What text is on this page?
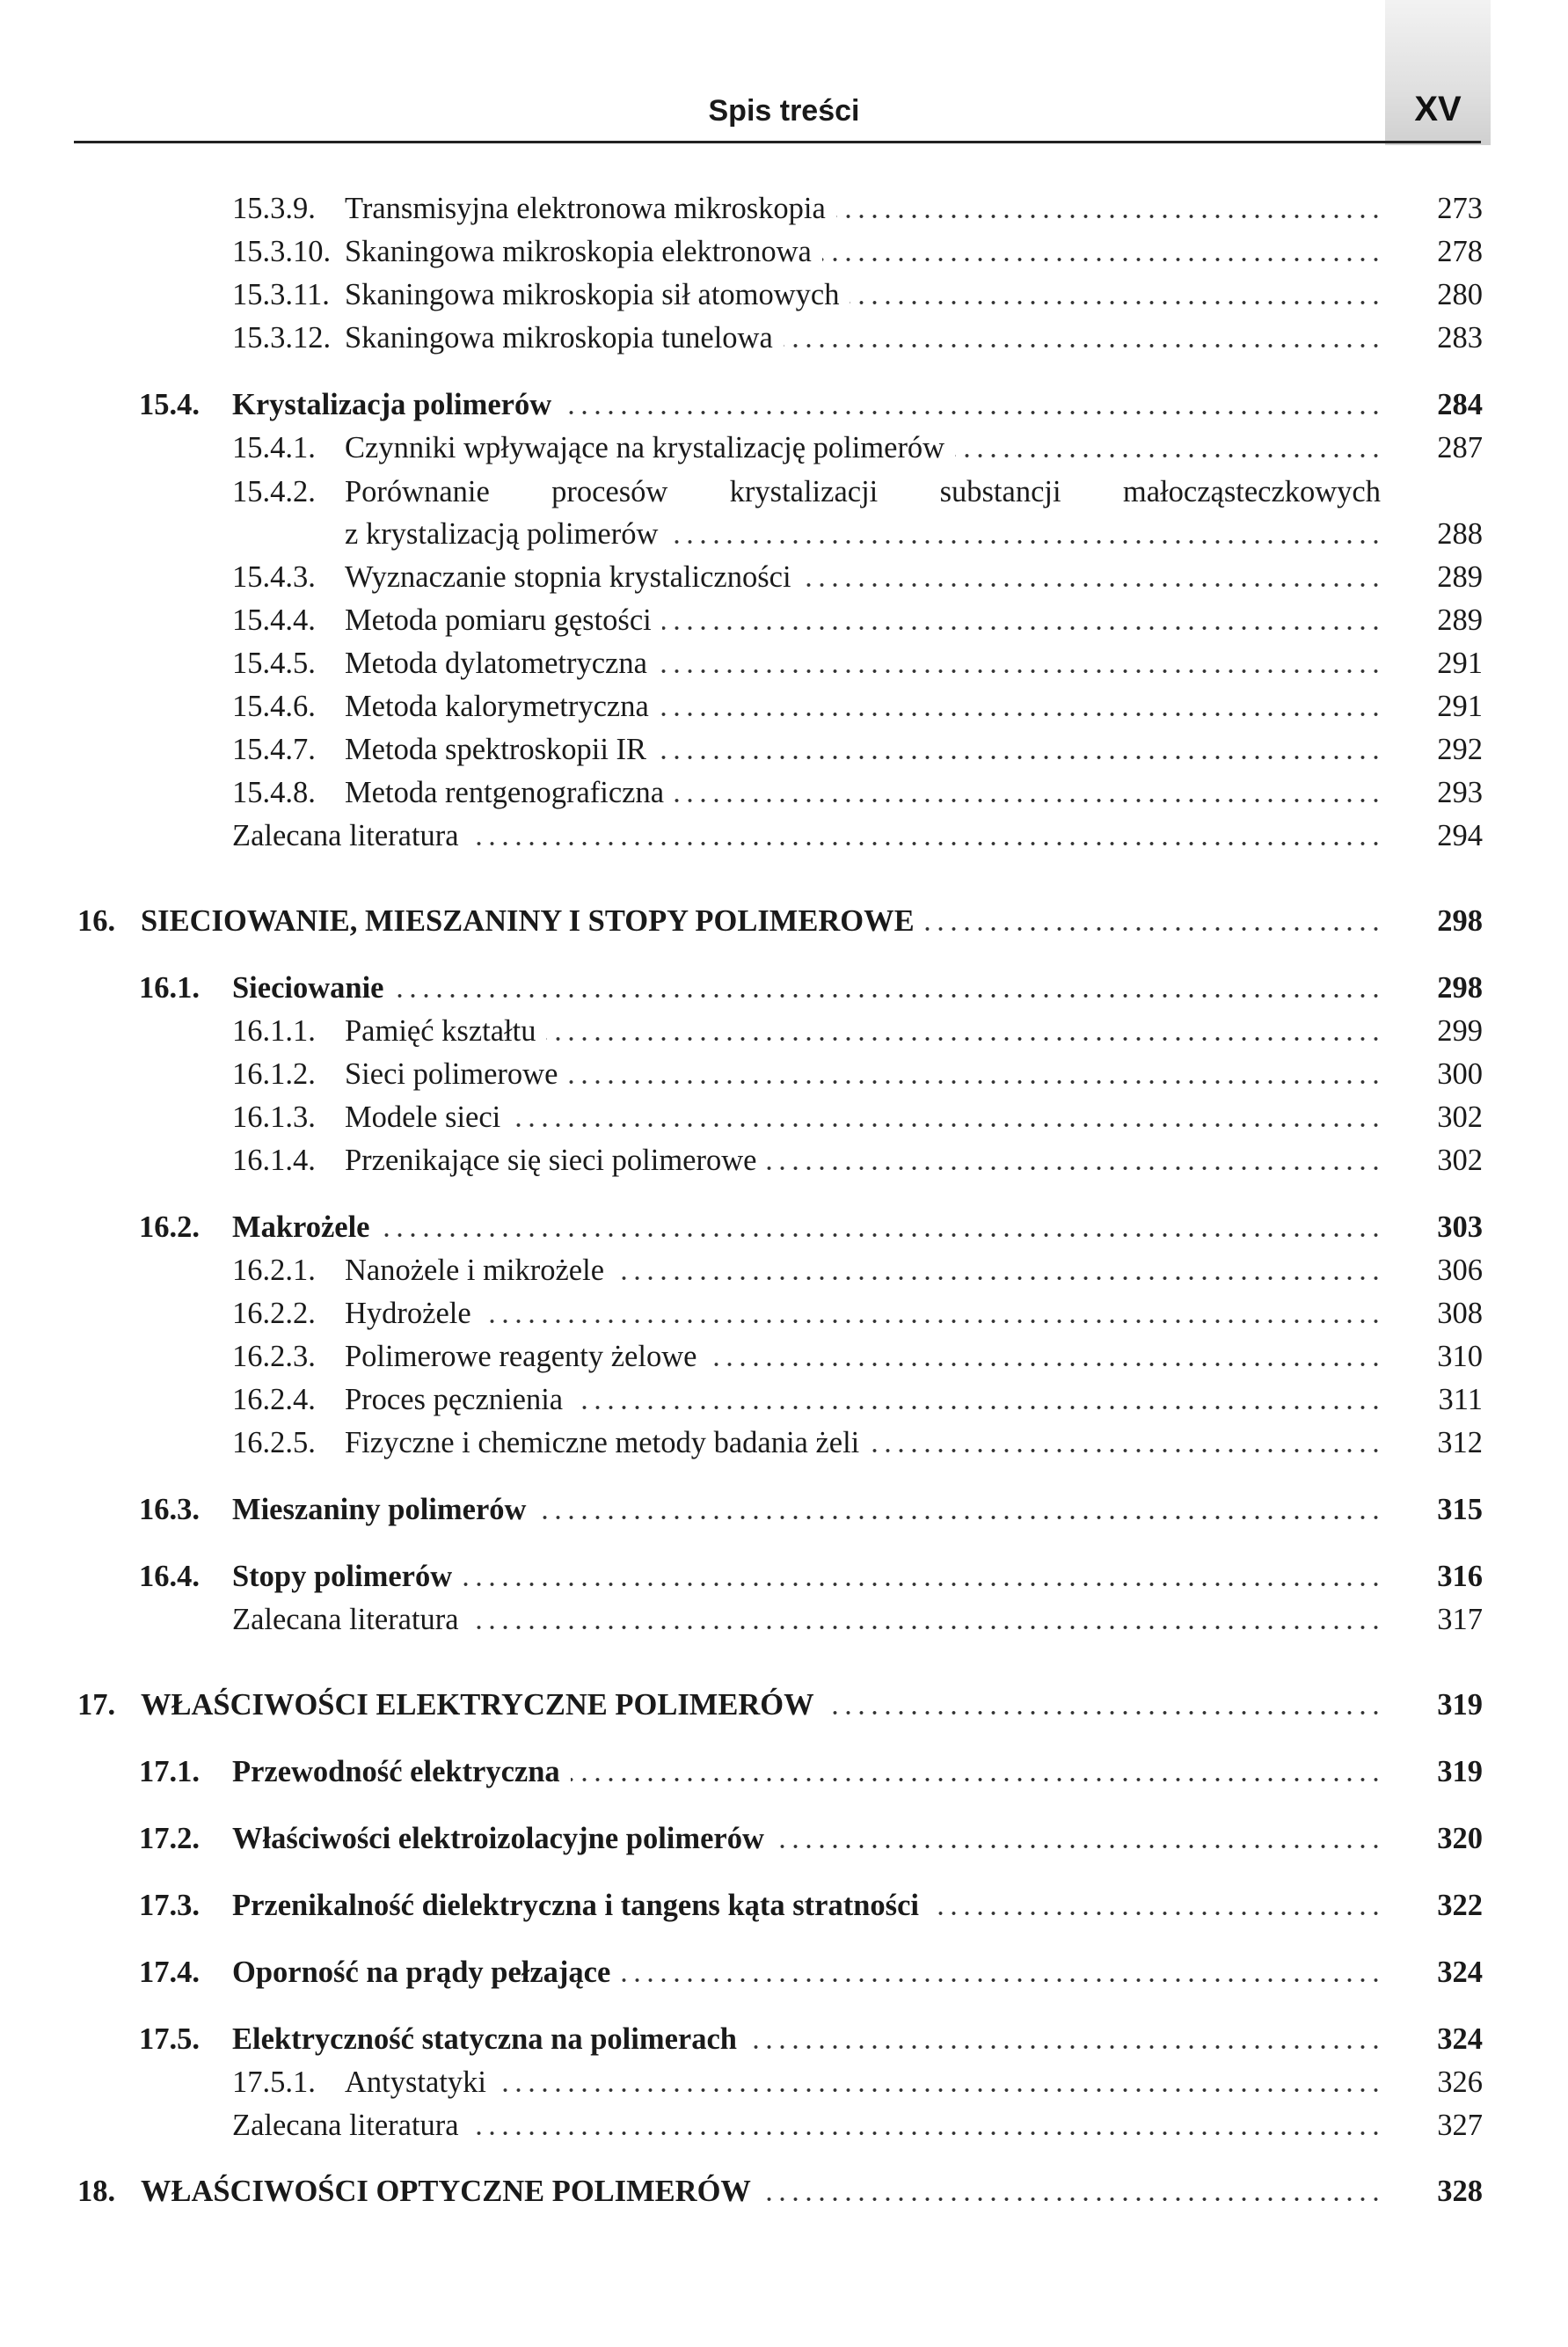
Spis treści	XV
15.3.9. Transmisyjna elektronowa mikroskopia	273
15.3.10. Skaningowa mikroskopia elektronowa	278
15.3.11. Skaningowa mikroskopia sił atomowych	280
15.3.12. Skaningowa mikroskopia tunelowa	283
15.4. Krystalizacja polimerów	284
15.4.1. Czynniki wpływające na krystalizację polimerów	287
15.4.2. Porównanie procesów krystalizacji substancji małocząsteczkowych
z krystalizacją polimerów	288
15.4.3. Wyznaczanie stopnia krystaliczności	289
15.4.4. Metoda pomiaru gęstości	289
15.4.5. Metoda dylatometryczna	291
15.4.6. Metoda kalorymetryczna	291
15.4.7. Metoda spektroskopii IR	292
15.4.8. Metoda rentgenograficzna	293
Zalecana literatura	294
16. SIECIOWANIE, MIESZANINY I STOPY POLIMEROWE	298
16.1. Sieciowanie	298
16.1.1. Pamięć kształtu	299
16.1.2. Sieci polimerowe	300
16.1.3. Modele sieci	302
16.1.4. Przenikające się sieci polimerowe	302
16.2. Makrożele	303
16.2.1. Nanożele i mikrożele	306
16.2.2. Hydrożele	308
16.2.3. Polimerowe reagenty żelowe	310
16.2.4. Proces pęcznienia	311
16.2.5. Fizyczne i chemiczne metody badania żeli	312
16.3. Mieszaniny polimerów	315
16.4. Stopy polimerów	316
Zalecana literatura	317
17. WŁAŚCIWOŚCI ELEKTRYCZNE POLIMERÓW	319
17.1. Przewodność elektryczna	319
17.2. Właściwości elektroizolacyjne polimerów	320
17.3. Przenikalność dielektryczna i tangens kąta stratności	322
17.4. Oporność na prądy pełzające	324
17.5. Elektryczność statyczna na polimerach	324
17.5.1. Antystatyki	326
Zalecana literatura	327
18. WŁAŚCIWOŚCI OPTYCZNE POLIMERÓW	328
